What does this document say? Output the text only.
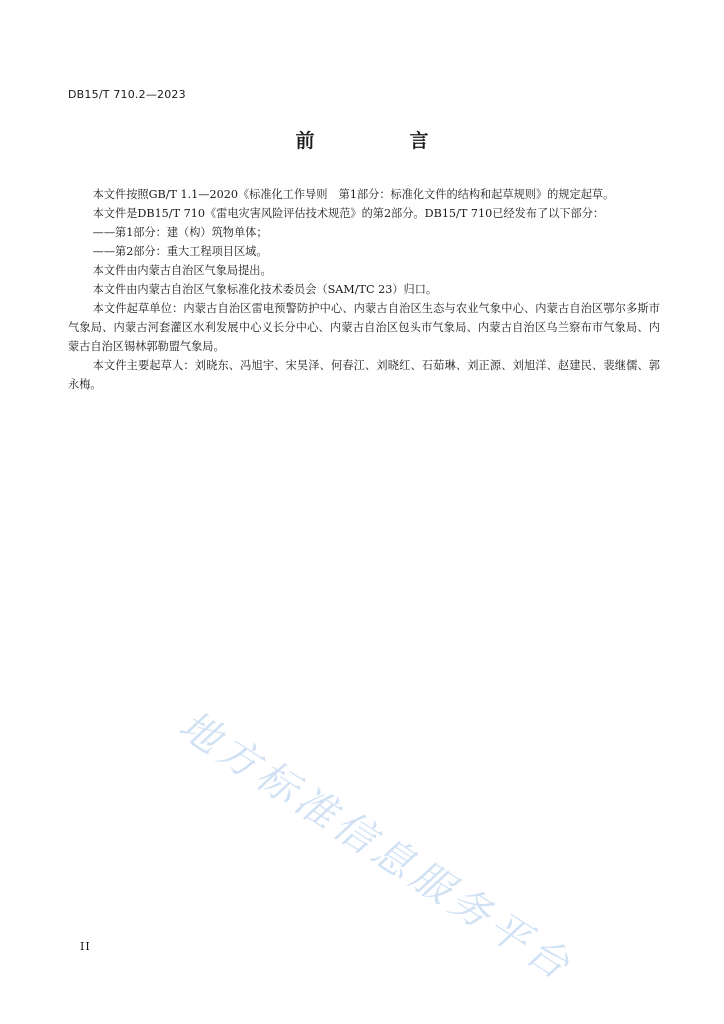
DB15/T 710.2—2023
前　言

本文件按照GB/T 1.1—2020《标准化工作导则　第1部分：标准化文件的结构和起草规则》的规定起草。

本文件是DB15/T 710《雷电灾害风险评估技术规范》的第2部分。DB15/T 710已经发布了以下部分：

——第1部分：建（构）筑物单体；

——第2部分：重大工程项目区域。

本文件由内蒙古自治区气象局提出。

本文件由内蒙古自治区气象标准化技术委员会（SAM/TC 23）归口。

本文件起草单位：内蒙古自治区雷电预警防护中心、内蒙古自治区生态与农业气象中心、内蒙古自治区鄂尔多斯市气象局、内蒙古河套灌区水利发展中心义长分中心、内蒙古自治区包头市气象局、内蒙古自治区乌兰察布市气象局、内蒙古自治区锡林郭勒盟气象局。

本文件主要起草人：刘晓东、冯旭宇、宋昊泽、何春江、刘晓红、石茹琳、刘正源、刘旭洋、赵建民、裴继儒、郭永梅。

地方标准信息服务平台
II
